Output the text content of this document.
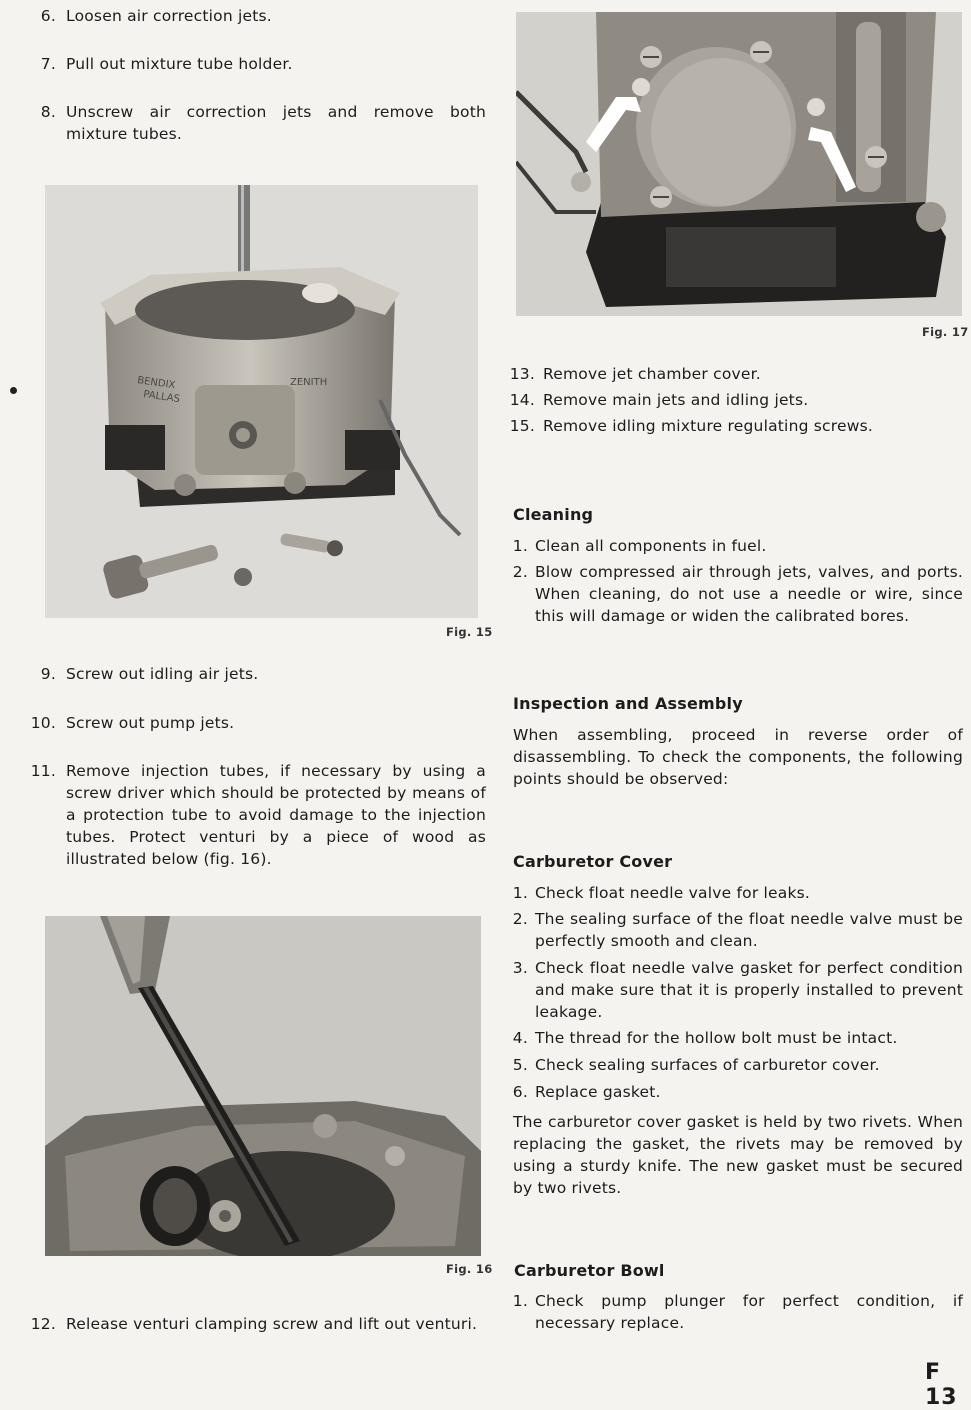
6. Loosen air correction jets.
7. Pull out mixture tube holder.
8. Unscrew air correction jets and remove both mixture tubes.
BENDIX
PALLAS
ZENITH
Fig. 15
9. Screw out idling air jets.
10. Screw out pump jets.
11. Remove injection tubes, if necessary by using a screw driver which should be protected by means of a protection tube to avoid damage to the injection tubes. Protect venturi by a piece of wood as illustrated below (fig. 16).
Fig. 16
12. Release venturi clamping screw and lift out venturi.
Fig. 17
13. Remove jet chamber cover.
14. Remove main jets and idling jets.
15. Remove idling mixture regulating screws.
Cleaning
1. Clean all components in fuel.
2. Blow compressed air through jets, valves, and ports. When cleaning, do not use a needle or wire, since this will damage or widen the calibrated bores.
Inspection and Assembly
When assembling, proceed in reverse order of disassembling. To check the components, the following points should be observed:
Carburetor Cover
1. Check float needle valve for leaks.
2. The sealing surface of the float needle valve must be perfectly smooth and clean.
3. Check float needle valve gasket for perfect condition and make sure that it is properly installed to prevent leakage.
4. The thread for the hollow bolt must be intact.
5. Check sealing surfaces of carburetor cover.
6. Replace gasket.
The carburetor cover gasket is held by two rivets. When replacing the gasket, the rivets may be removed by using a sturdy knife. The new gasket must be secured by two rivets.
Carburetor Bowl
1. Check pump plunger for perfect condition, if necessary replace.
F 13
